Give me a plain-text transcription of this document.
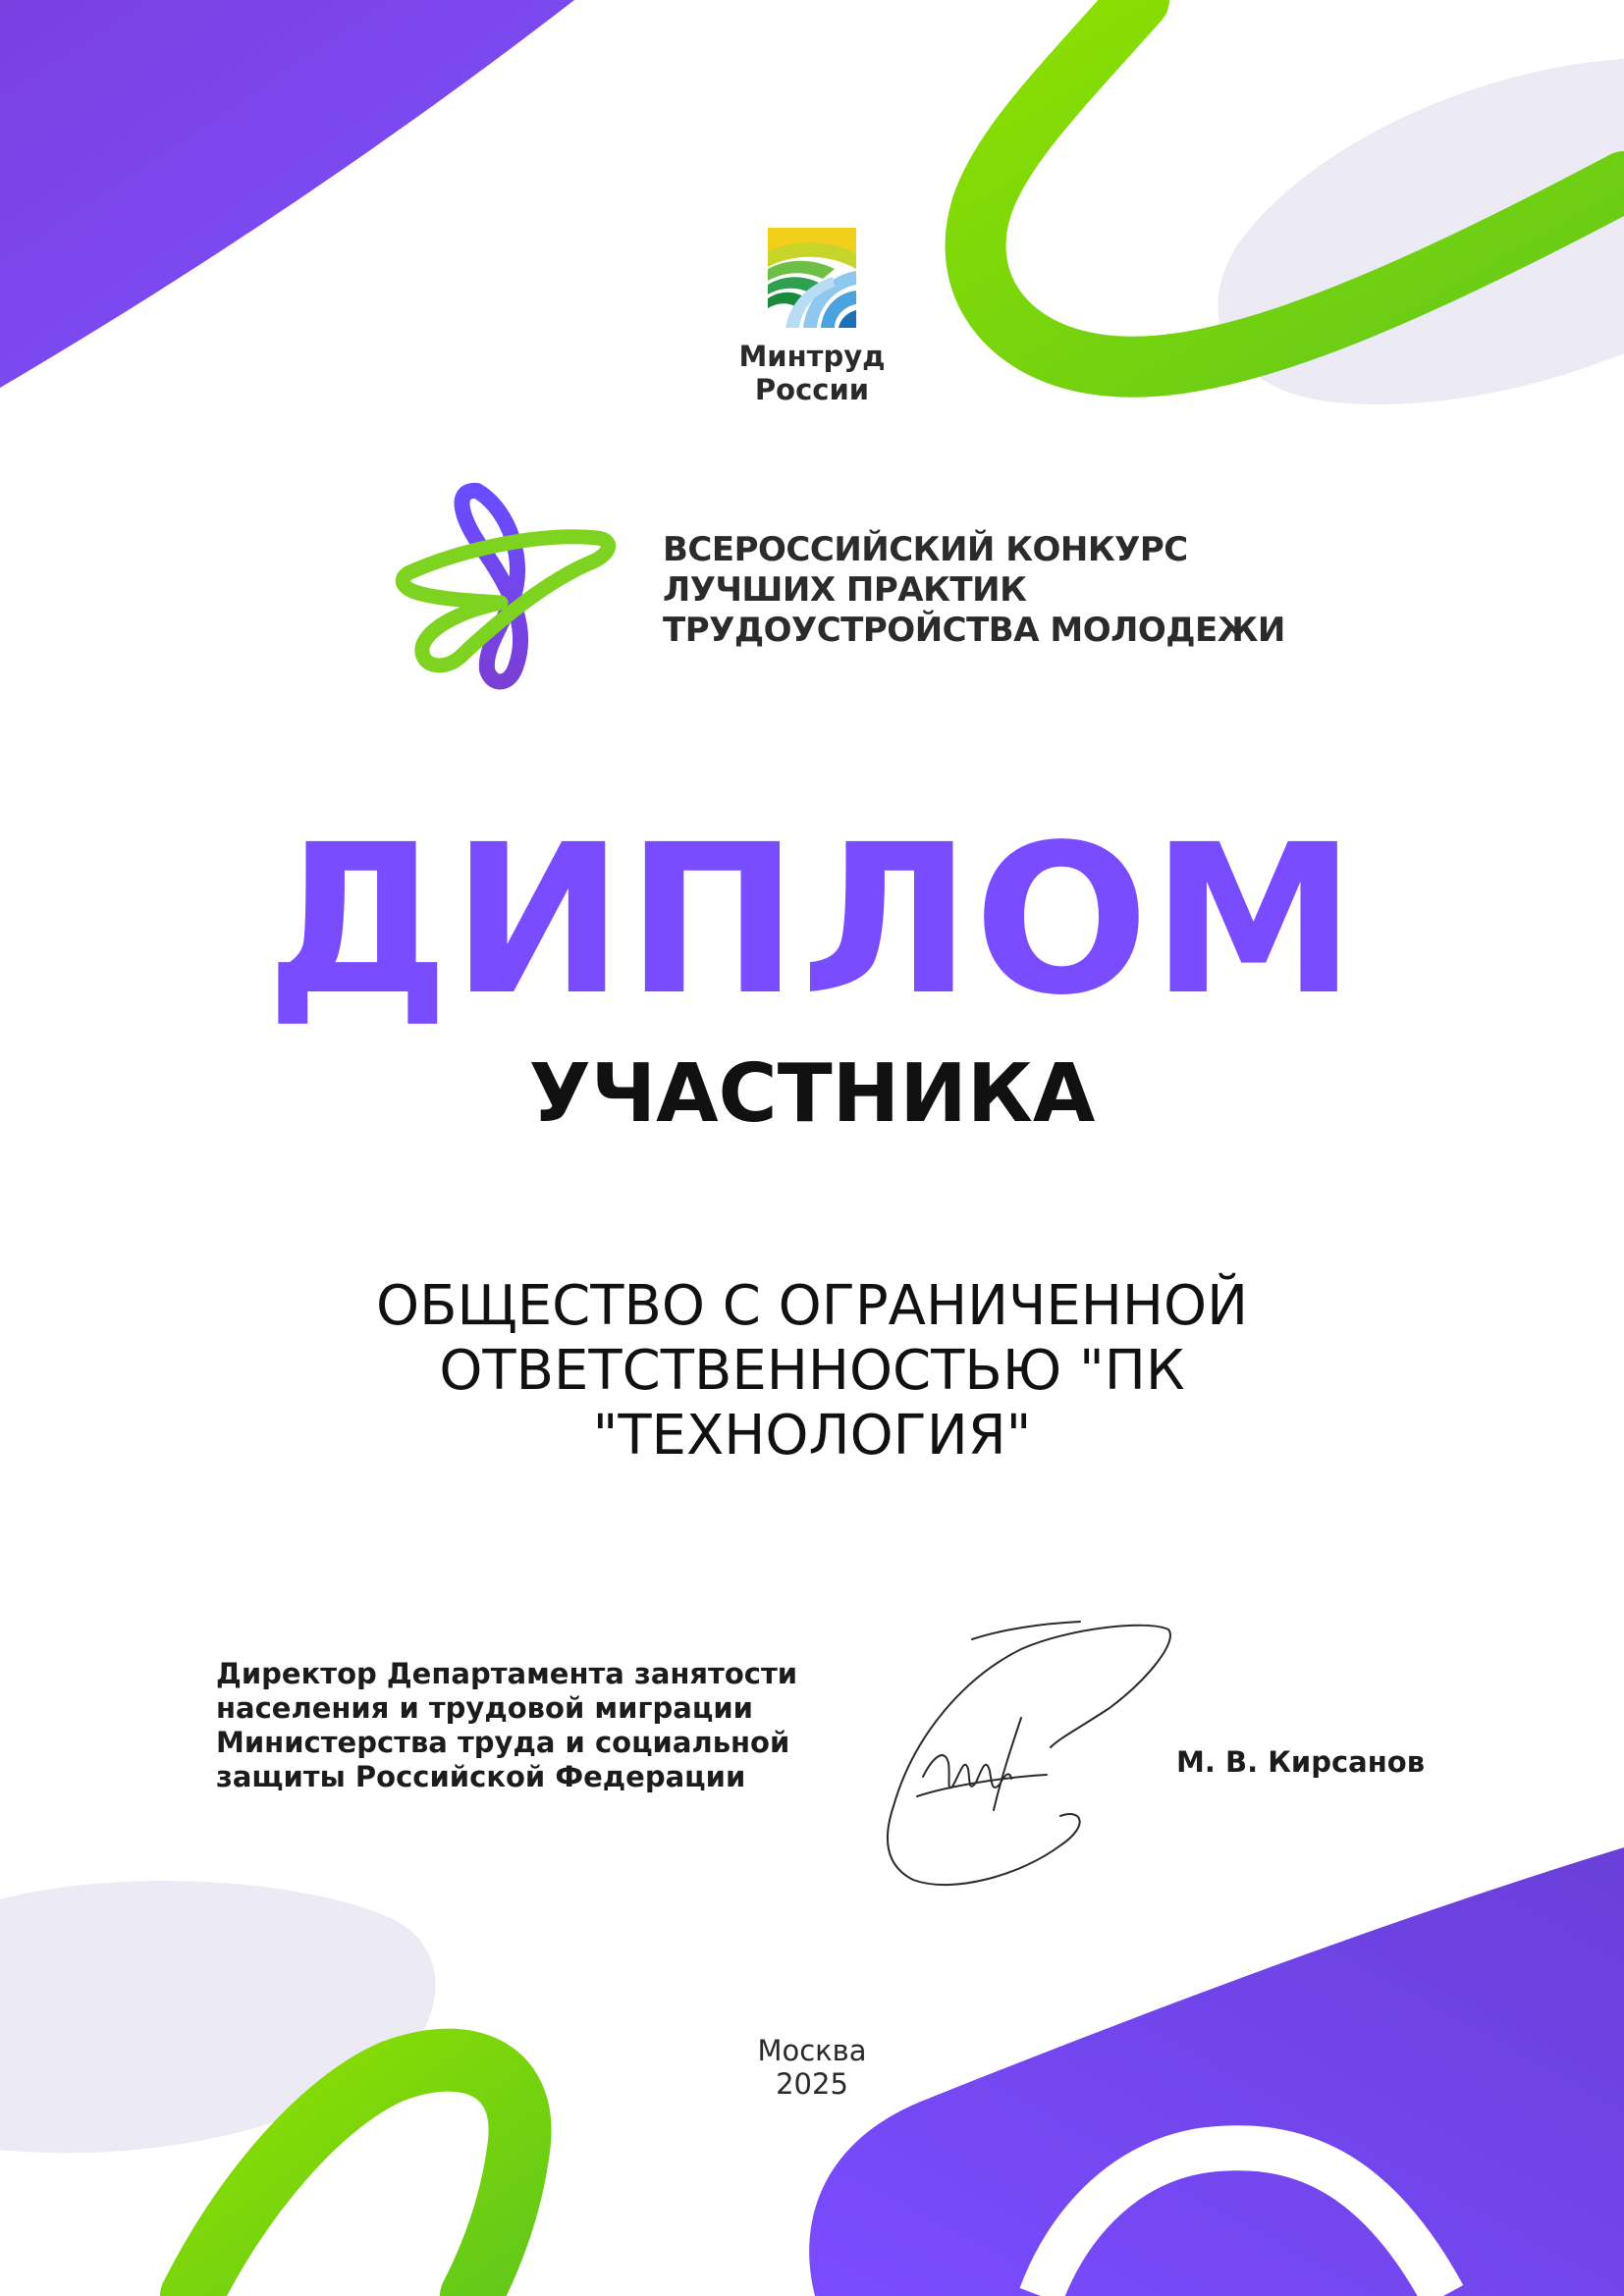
Минтруд
России
ВСЕРОССИЙСКИЙ КОНКУРС
ЛУЧШИХ ПРАКТИК
ТРУДОУСТРОЙСТВА МОЛОДЕЖИ
ДИПЛОМ
УЧАСТНИКА
ОБЩЕСТВО С ОГРАНИЧЕННОЙ
ОТВЕТСТВЕННОСТЬЮ "ПК
"ТЕХНОЛОГИЯ"
Директор Департамента занятости
населения и трудовой миграции
Министерства труда и социальной
защиты Российской Федерации	М. В. Кирсанов
Москва
2025
